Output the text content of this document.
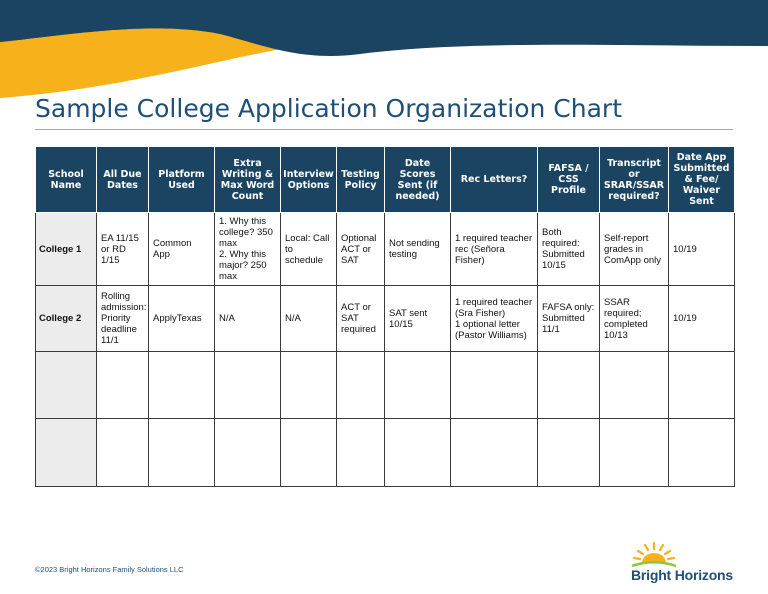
Sample College Application Organization Chart
School Name	All Due Dates	Platform Used	Extra Writing & Max Word Count	Interview Options	Testing Policy	Date Scores Sent (if needed)	Rec Letters?	FAFSA / CSS Profile	Transcript or SRAR/SSAR required?	Date App Submitted & Fee/ Waiver Sent
College 1	EA 11/15 or RD 1/15	Common App	1. Why this college? 350 max
2. Why this major? 250 max	Local: Call to schedule	Optional ACT or SAT	Not sending testing	1 required teacher rec (Señora Fisher)	Both required: Submitted 10/15	Self-report grades in ComApp only	10/19
College 2	Rolling admission: Priority deadline 11/1	ApplyTexas	N/A	N/A	ACT or SAT required	SAT sent 10/15	1 required teacher (Sra Fisher)
1 optional letter (Pastor Williams)	FAFSA only: Submitted 11/1	SSAR required; completed 10/13	10/19

©2023 Bright Horizons Family Solutions LLC	Bright Horizons
